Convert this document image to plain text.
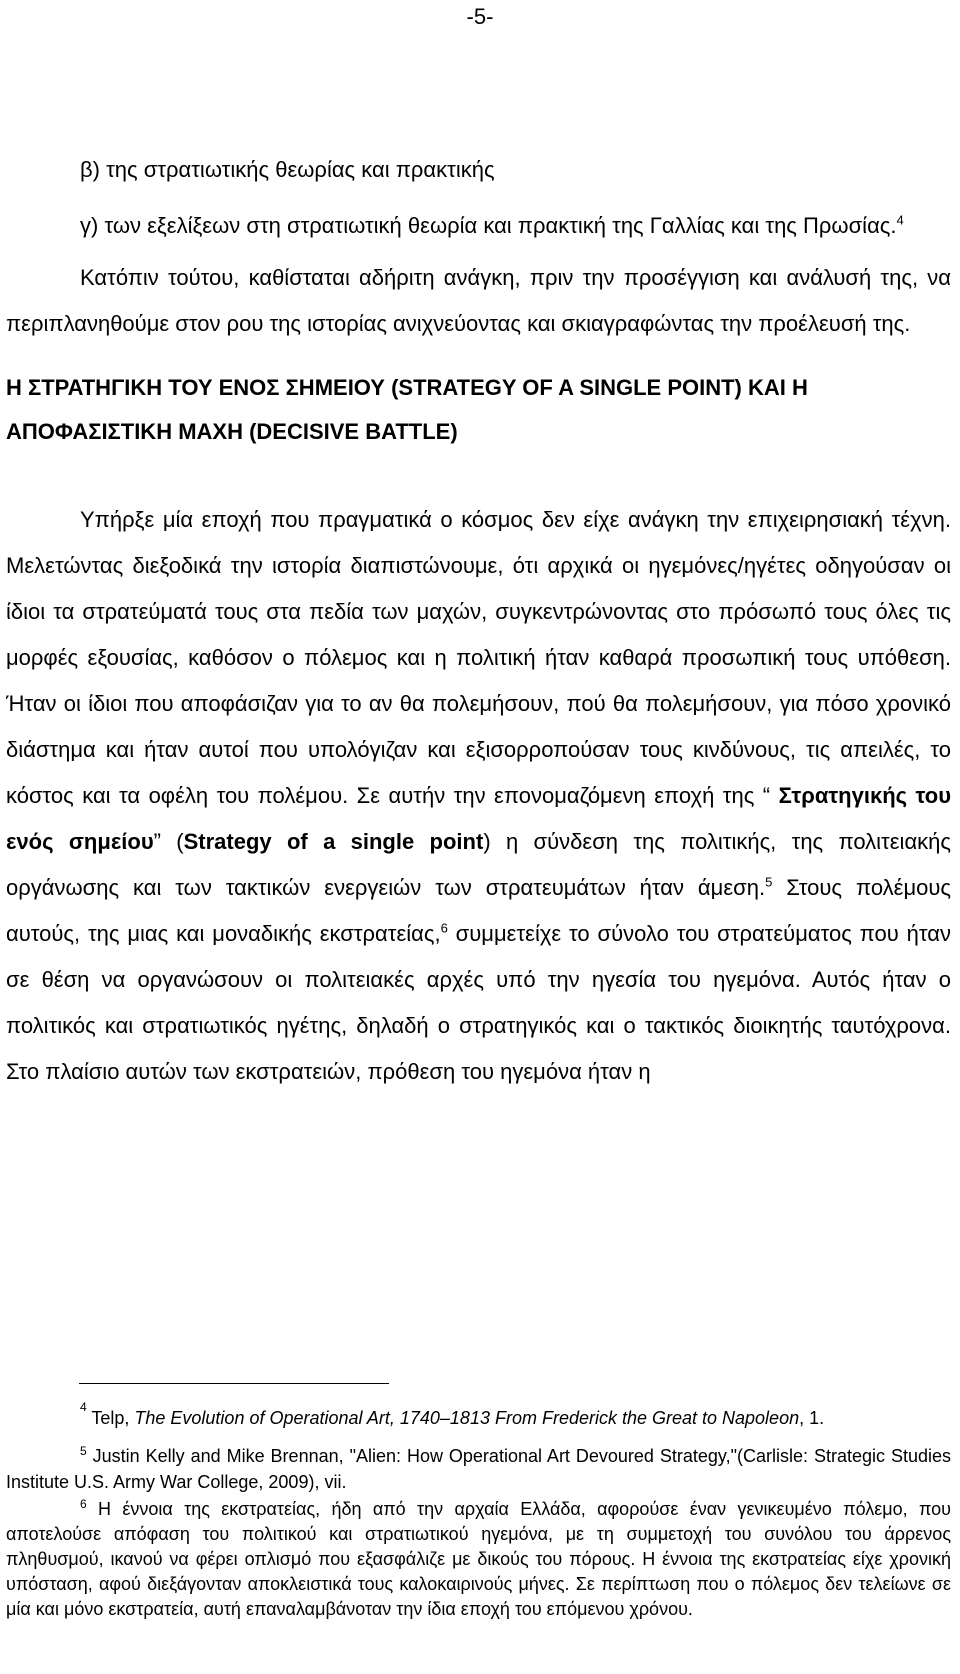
-5-

β) της στρατιωτικής θεωρίας και πρακτικής

γ) των εξελίξεων στη στρατιωτική θεωρία και πρακτική της Γαλλίας και της Πρωσίας.$^4$

Κατόπιν τούτου, καθίσταται αδήριτη ανάγκη, πριν την προσέγγιση και ανάλυσή της, να περιπλανηθούμε στον ρου της ιστορίας ανιχνεύοντας και σκιαγραφώντας την προέλευσή της.

Η ΣΤΡΑΤΗΓΙΚΗ ΤΟΥ ΕΝΟΣ ΣΗΜΕΙΟΥ (STRATEGY OF A SINGLE POINT) ΚΑΙ Η ΑΠΟΦΑΣΙΣΤΙΚΗ ΜΑΧΗ (DECISIVE BATTLE)

Υπήρξε μία εποχή που πραγματικά ο κόσμος δεν είχε ανάγκη την επιχειρησιακή τέχνη. Μελετώντας διεξοδικά την ιστορία διαπιστώνουμε, ότι αρχικά οι ηγεμόνες/ηγέτες οδηγούσαν οι ίδιοι τα στρατεύματά τους στα πεδία των μαχών, συγκεντρώνοντας στο πρόσωπό τους όλες τις μορφές εξουσίας, καθόσον ο πόλεμος και η πολιτική ήταν καθαρά προσωπική τους υπόθεση. Ήταν οι ίδιοι που αποφάσιζαν για το αν θα πολεμήσουν, πού θα πολεμήσουν, για πόσο χρονικό διάστημα και ήταν αυτοί που υπολόγιζαν και εξισορροπούσαν τους κινδύνους, τις απειλές, το κόστος και τα οφέλη του πολέμου. Σε αυτήν την επονομαζόμενη εποχή της “ Στρατηγικής του ενός σημείου” (Strategy of a single point) η σύνδεση της πολιτικής, της πολιτειακής οργάνωσης και των τακτικών ενεργειών των στρατευμάτων ήταν άμεση.$^5$ Στους πολέμους αυτούς, της μιας και μοναδικής εκστρατείας,$^6$ συμμετείχε το σύνολο του στρατεύματος που ήταν σε θέση να οργανώσουν οι πολιτειακές αρχές υπό την ηγεσία του ηγεμόνα. Αυτός ήταν ο πολιτικός και στρατιωτικός ηγέτης, δηλαδή ο στρατηγικός και ο τακτικός διοικητής ταυτόχρονα. Στο πλαίσιο αυτών των εκστρατειών, πρόθεση του ηγεμόνα ήταν η

$^4$ Telp, The Evolution of Operational Art, 1740–1813 From Frederick the Great to Napoleon, 1.

$^5$ Justin Kelly and Mike Brennan, "Alien: How Operational Art Devoured Strategy,"(Carlisle: Strategic Studies Institute U.S. Army War College, 2009), vii.

$^6$ Η έννοια της εκστρατείας, ήδη από την αρχαία Ελλάδα, αφορούσε έναν γενικευμένο πόλεμο, που αποτελούσε απόφαση του πολιτικού και στρατιωτικού ηγεμόνα, με τη συμμετοχή του συνόλου του άρρενος πληθυσμού, ικανού να φέρει οπλισμό που εξασφάλιζε με δικούς του πόρους. Η έννοια της εκστρατείας είχε χρονική υπόσταση, αφού διεξάγονταν αποκλειστικά τους καλοκαιρινούς μήνες. Σε περίπτωση που ο πόλεμος δεν τελείωνε σε μία και μόνο εκστρατεία, αυτή επαναλαμβάνοταν την ίδια εποχή του επόμενου χρόνου.
